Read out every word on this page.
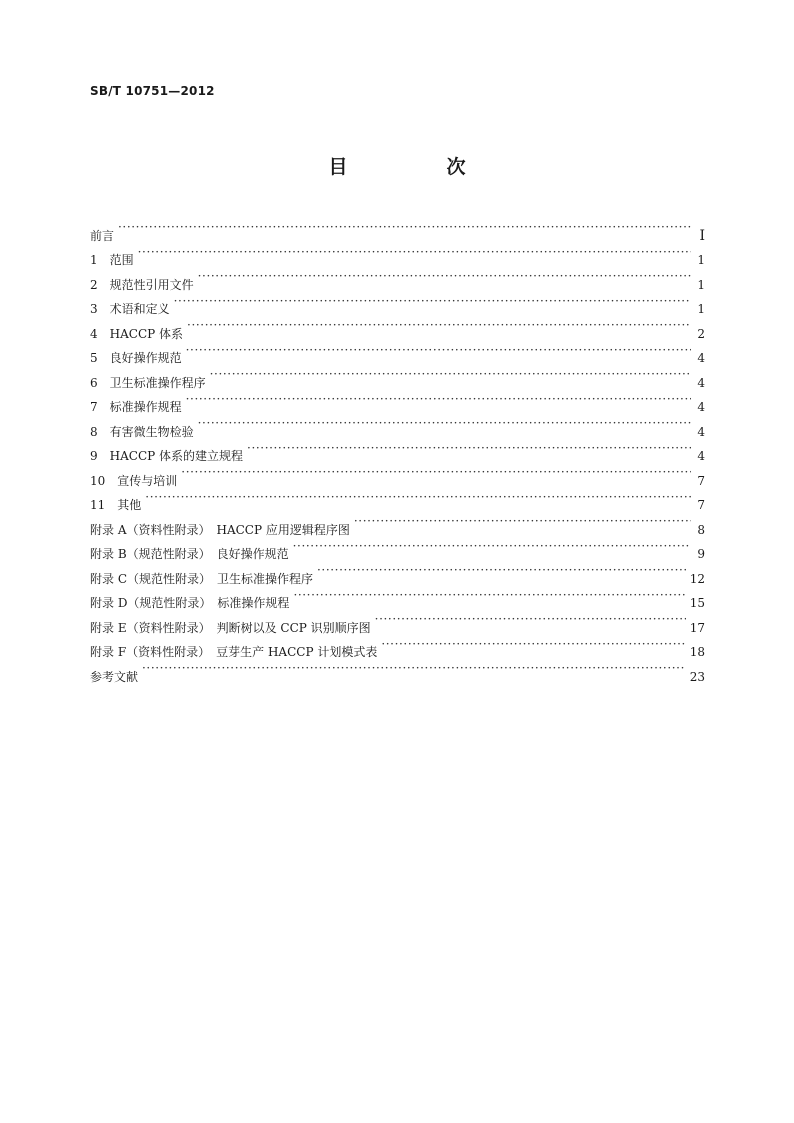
SB/T 10751—2012
目　次
前言 ·····	Ⅰ
1　范围 ·····	1
2　规范性引用文件 ·····	1
3　术语和定义 ·····	1
4　HACCP 体系 ·····	2
5　良好操作规范 ·····	4
6　卫生标准操作程序 ·····	4
7　标准操作规程 ·····	4
8　有害微生物检验 ·····	4
9　HACCP 体系的建立规程 ·····	4
10　宣传与培训 ·····	7
11　其他 ·····	7
附录 A（资料性附录）　HACCP 应用逻辑程序图 ·····	8
附录 B（规范性附录）　良好操作规范 ·····	9
附录 C（规范性附录）　卫生标准操作程序 ·····	12
附录 D（规范性附录）　标准操作规程 ·····	15
附录 E（资料性附录）　判断树以及 CCP 识别顺序图 ·····	17
附录 F（资料性附录）　豆芽生产 HACCP 计划模式表 ·····	18
参考文献 ·····	23
